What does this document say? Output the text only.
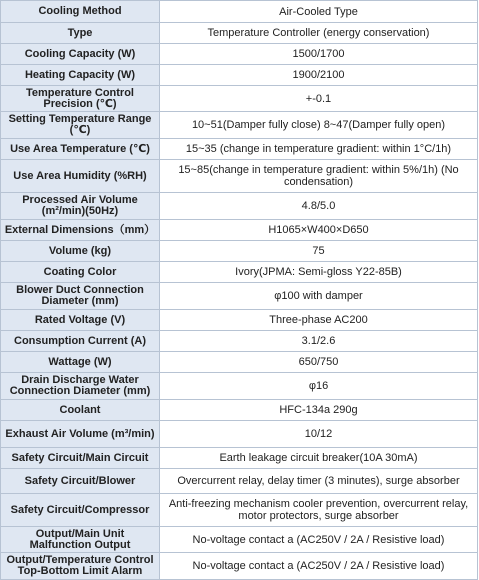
Cooling Method	Air-Cooled Type
Type	Temperature Controller (energy conservation)
Cooling Capacity (W)	1500/1700
Heating Capacity (W)	1900/2100
Temperature Control Precision (℃)	+-0.1
Setting Temperature Range (℃)	10~51(Damper fully close) 8~47(Damper fully open)
Use Area Temperature (℃)	15~35 (change in temperature gradient: within 1°C/1h)
Use Area Humidity (%RH)	15~85(change in temperature gradient: within 5%/1h) (No condensation)
Processed Air Volume (m²/min)(50Hz)	4.8/5.0
External Dimensions（mm）	H1065×W400×D650
Volume (kg)	75
Coating Color	Ivory(JPMA: Semi-gloss Y22-85B)
Blower Duct Connection Diameter (mm)	φ100 with damper
Rated Voltage (V)	Three-phase AC200
Consumption Current (A)	3.1/2.6
Wattage (W)	650/750
Drain Discharge Water Connection Diameter (mm)	φ16
Coolant	HFC-134a 290g
Exhaust Air Volume (m³/min)	10/12
Safety Circuit/Main Circuit	Earth leakage circuit breaker(10A 30mA)
Safety Circuit/Blower	Overcurrent relay, delay timer (3 minutes), surge absorber
Safety Circuit/Compressor	Anti-freezing mechanism cooler prevention, overcurrent relay, motor protectors, surge absorber
Output/Main Unit Malfunction Output	No-voltage contact a (AC250V / 2A / Resistive load)
Output/Temperature Control Top-Bottom Limit Alarm	No-voltage contact a (AC250V / 2A / Resistive load)
